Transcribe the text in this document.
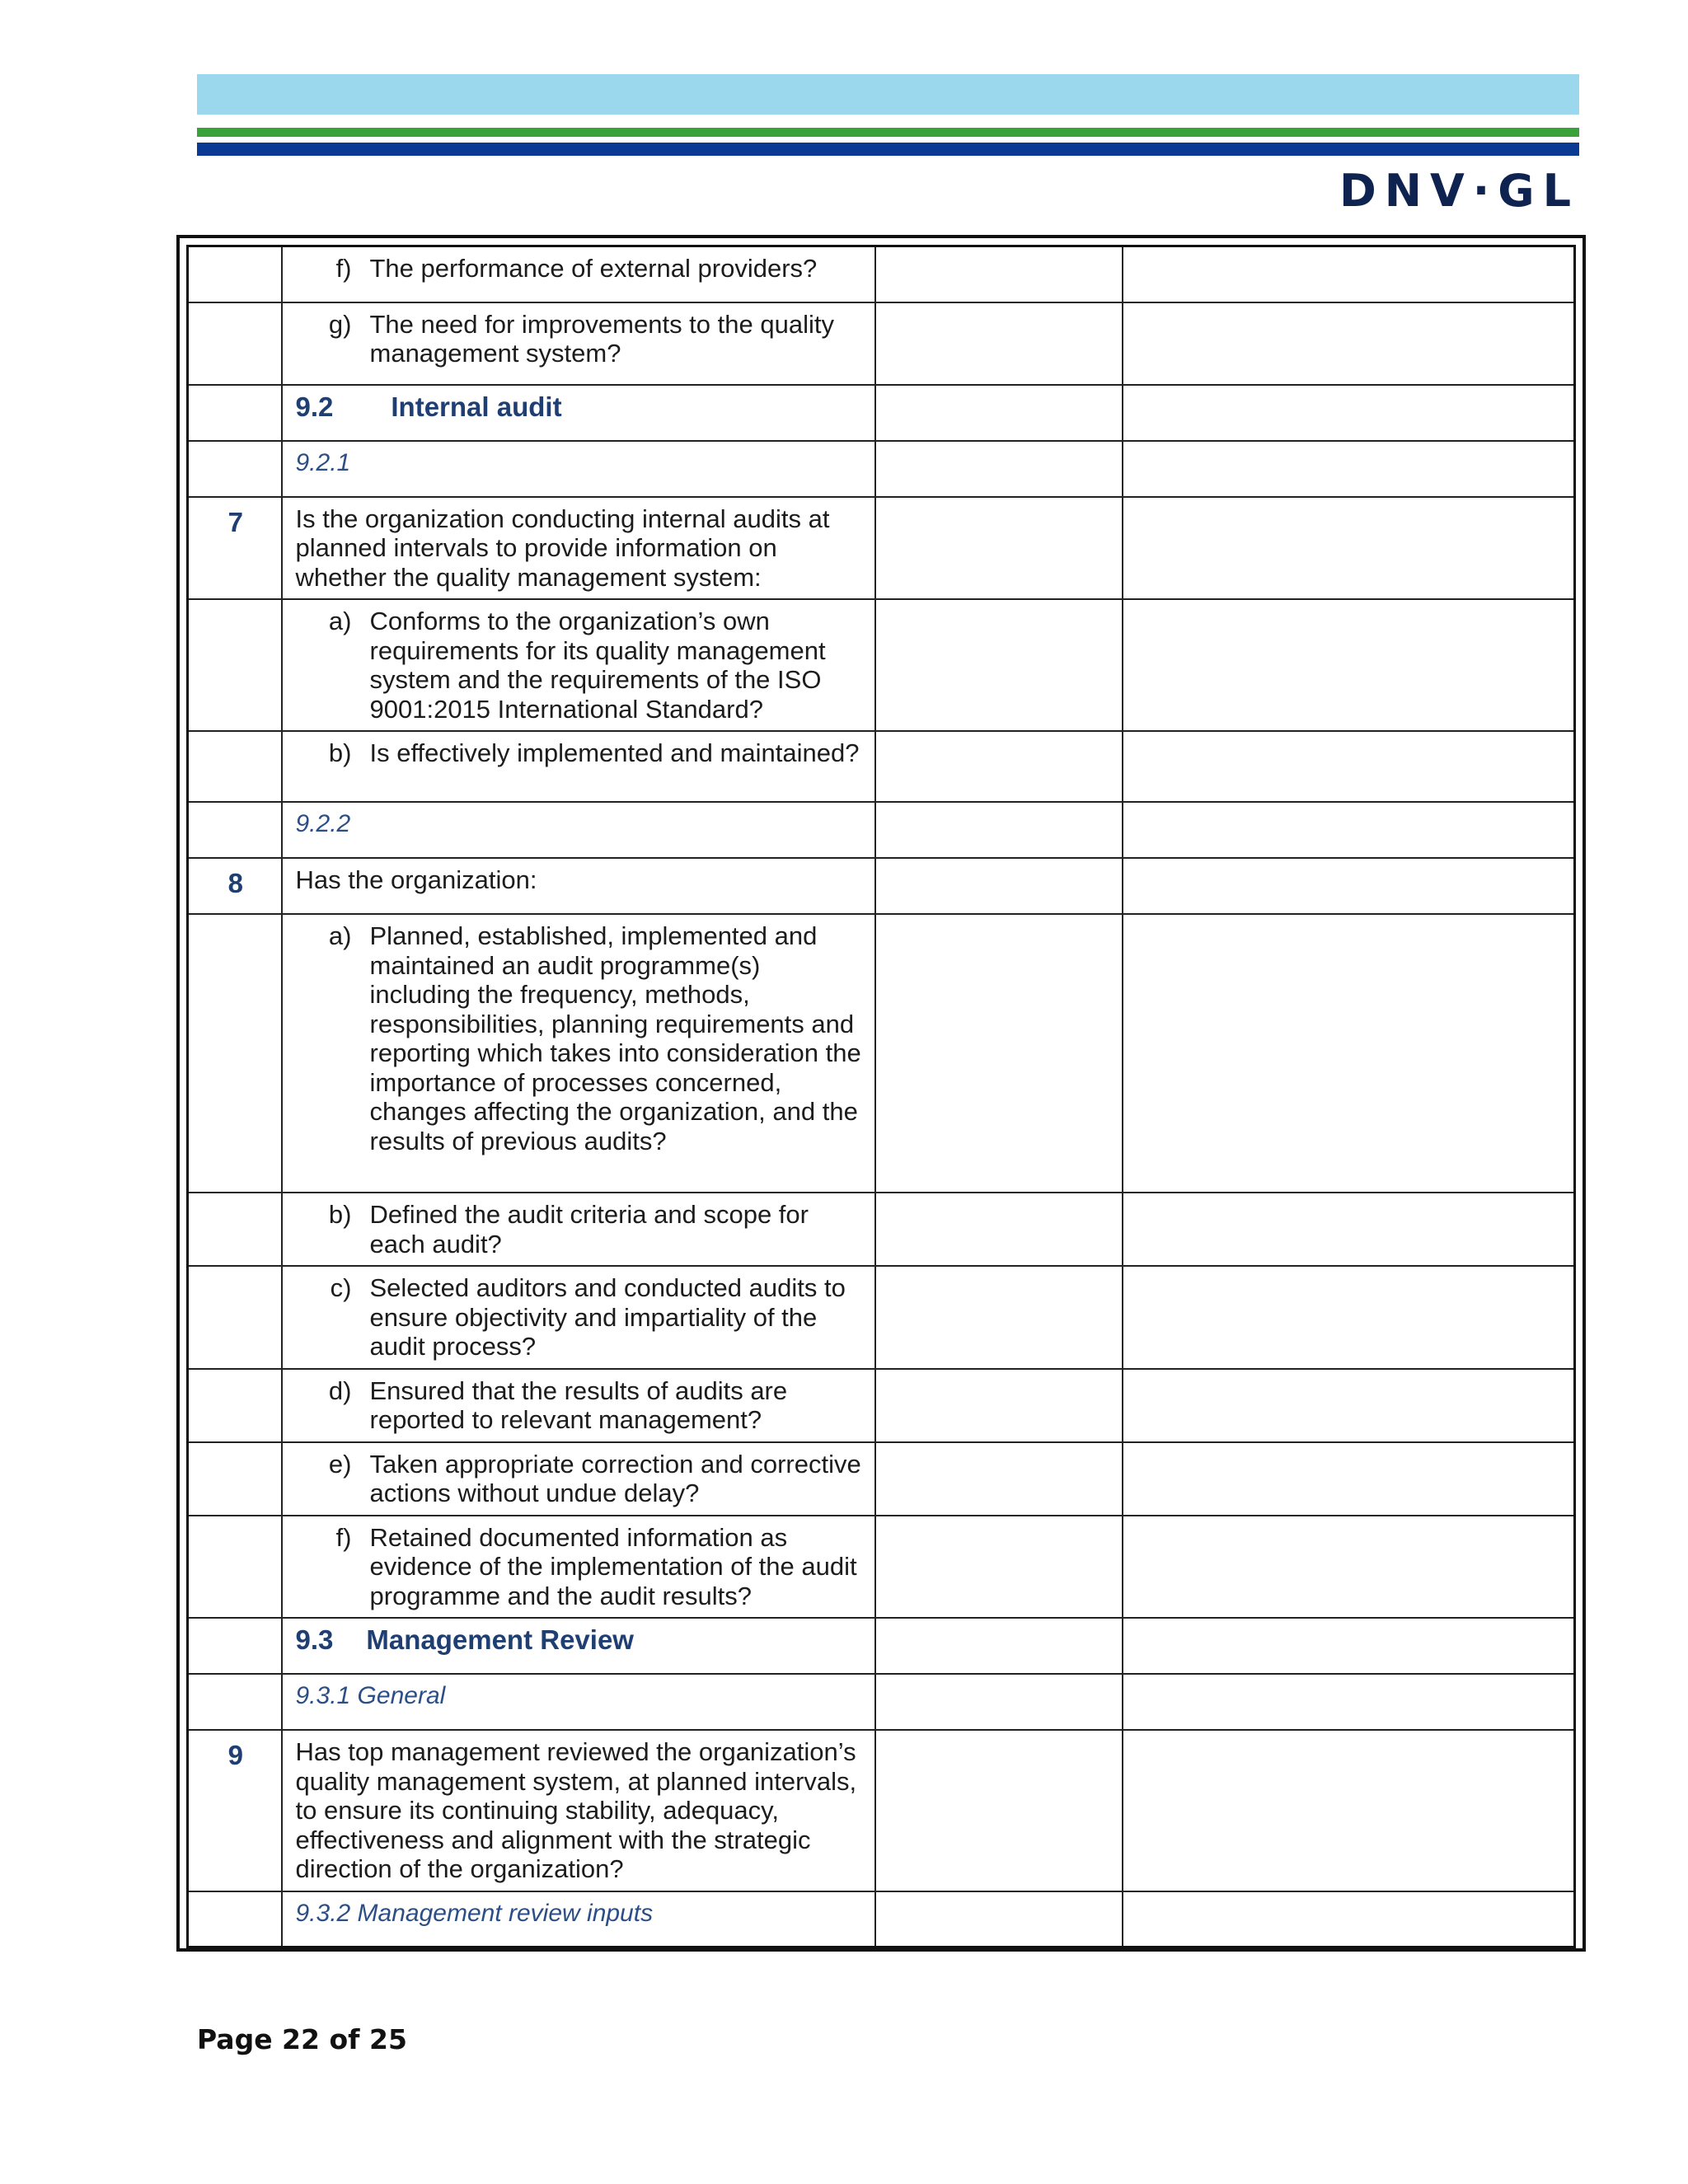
DNV·GL

	f) The performance of external providers?		

	g) The need for improvements to the quality management system?		

	9.2 Internal audit		

	9.2.1		

7	Is the organization conducting internal audits at planned intervals to provide information on whether the quality management system:		

	a) Conforms to the organization’s own requirements for its quality management system and the requirements of the ISO 9001:2015 International Standard?		

	b) Is effectively implemented and maintained?		

	9.2.2		

8	Has the organization:		

	a) Planned, established, implemented and maintained an audit programme(s) including the frequency, methods, responsibilities, planning requirements and reporting which takes into consideration the importance of processes concerned, changes affecting the organization, and the results of previous audits?		

	b) Defined the audit criteria and scope for each audit?		

	c) Selected auditors and conducted audits to ensure objectivity and impartiality of the audit process?		

	d) Ensured that the results of audits are reported to relevant management?		

	e) Taken appropriate correction and corrective actions without undue delay?		

	f) Retained documented information as evidence of the implementation of the audit programme and the audit results?		

	9.3 Management Review		

	9.3.1 General		

9	Has top management reviewed the organization’s quality management system, at planned intervals, to ensure its continuing stability, adequacy, effectiveness and alignment with the strategic direction of the organization?		

	9.3.2 Management review inputs		

Page 22 of 25
